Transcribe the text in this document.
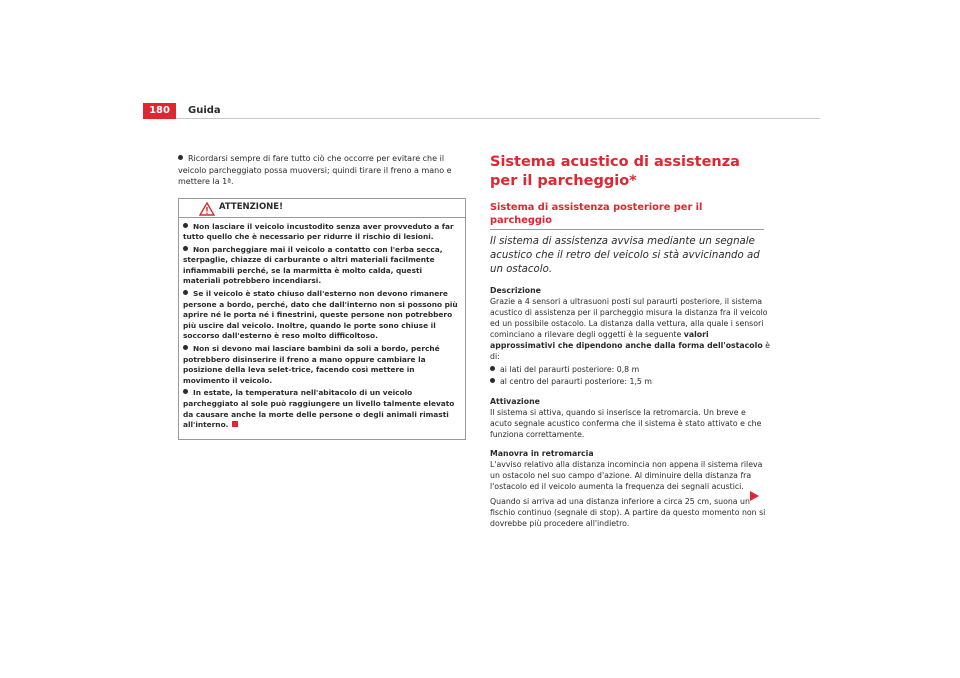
180	Guida

Ricordarsi sempre di fare tutto ciò che occorre per evitare che il veicolo parcheggiato possa muoversi; quindi tirare il freno a mano e mettere la 1ª.

ATTENZIONE!

Non lasciare il veicolo incustodito senza aver provveduto a far tutto quello che è necessario per ridurre il rischio di lesioni.

Non parcheggiare mai il veicolo a contatto con l'erba secca, sterpaglie, chiazze di carburante o altri materiali facilmente infiammabili perché, se la marmitta è molto calda, questi materiali potrebbero incendiarsi.

Se il veicolo è stato chiuso dall'esterno non devono rimanere persone a bordo, perché, dato che dall'interno non si possono più aprire né le porta né i finestrini, queste persone non potrebbero più uscire dal veicolo. Inoltre, quando le porte sono chiuse il soccorso dall'esterno è reso molto difficoltoso.

Non si devono mai lasciare bambini da soli a bordo, perché potrebbero disinserire il freno a mano oppure cambiare la posizione della leva selet-trice, facendo così mettere in movimento il veicolo.

In estate, la temperatura nell'abitacolo di un veicolo parcheggiato al sole può raggiungere un livello talmente elevato da causare anche la morte delle persone o degli animali rimasti all'interno.

Sistema acustico di assistenza per il parcheggio*
Sistema di assistenza posteriore per il parcheggio

Il sistema di assistenza avvisa mediante un segnale acustico che il retro del veicolo si stà avvicinando ad un ostacolo.

Descrizione

Grazie a 4 sensori a ultrasuoni posti sul paraurti posteriore, il sistema acustico di assistenza per il parcheggio misura la distanza fra il veicolo ed un possibile ostacolo. La distanza dalla vettura, alla quale i sensori cominciano a rilevare degli oggetti è la seguente valori approssimativi che dipendono anche dalla forma dell'ostacolo è di:

ai lati del paraurti posteriore: 0,8 m

al centro del paraurti posteriore: 1,5 m

Attivazione

Il sistema si attiva, quando si inserisce la retromarcia. Un breve e acuto segnale acustico conferma che il sistema è stato attivato e che funziona correttamente.

Manovra in retromarcia

L'avviso relativo alla distanza incomincia non appena il sistema rileva un ostacolo nel suo campo d'azione. Al diminuire della distanza fra l'ostacolo ed il veicolo aumenta la frequenza dei segnali acustici.

Quando si arriva ad una distanza inferiore a circa 25 cm, suona un fischio continuo (segnale di stop). A partire da questo momento non si dovrebbe più procedere all'indietro.
